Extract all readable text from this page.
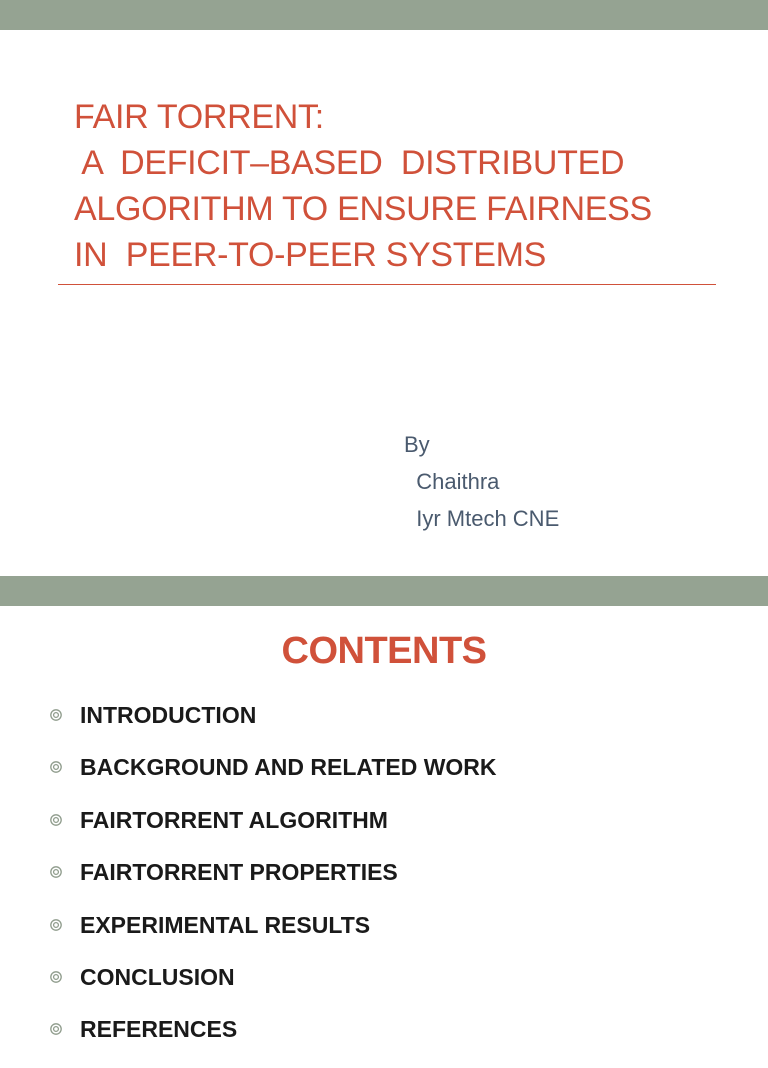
FAIR TORRENT:
A  DEFICIT–BASED  DISTRIBUTED
ALGORITHM TO ENSURE FAIRNESS
IN  PEER-TO-PEER SYSTEMS
By
Chaithra
Iyr Mtech CNE
CONTENTS
INTRODUCTION
BACKGROUND AND RELATED WORK
FAIRTORRENT ALGORITHM
FAIRTORRENT PROPERTIES
EXPERIMENTAL RESULTS
CONCLUSION
REFERENCES
